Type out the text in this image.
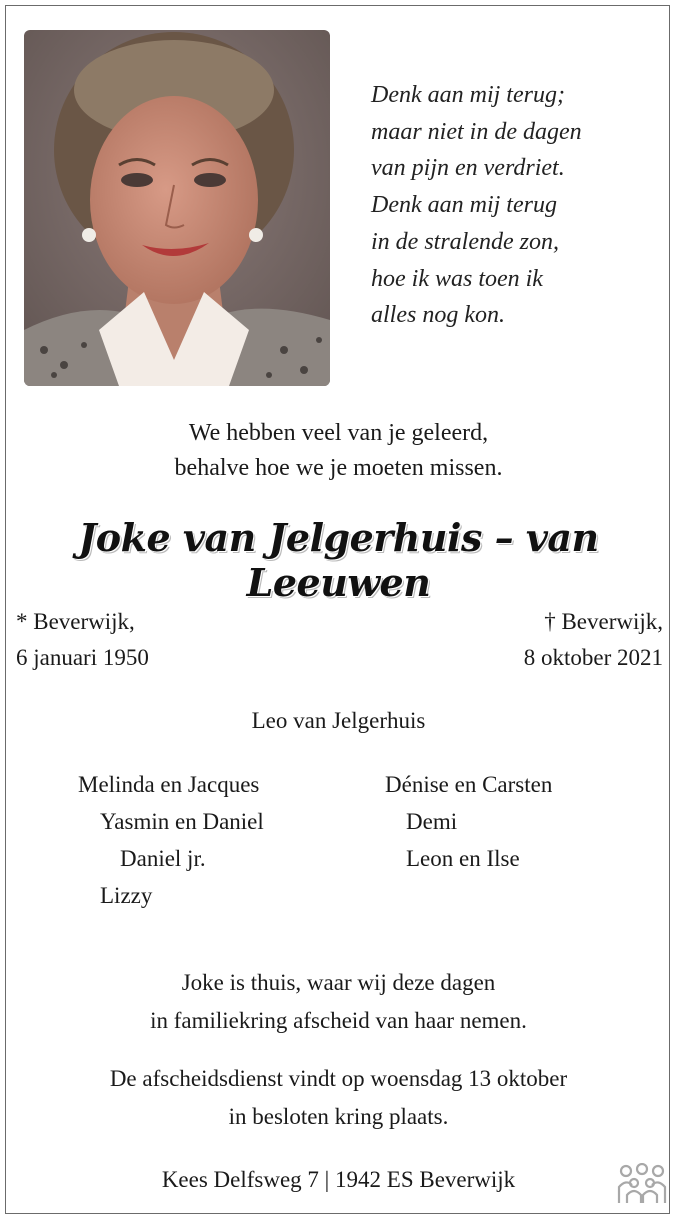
Denk aan mij terug;
maar niet in de dagen
van pijn en verdriet.
Denk aan mij terug
in de stralende zon,
hoe ik was toen ik
alles nog kon.
We hebben veel van je geleerd,
behalve hoe we je moeten missen.
Joke van Jelgerhuis – van Leeuwen
* Beverwijk,
6 januari 1950
† Beverwijk,
8 oktober 2021
Leo van Jelgerhuis
Melinda en Jacques
Yasmin en Daniel
Daniel jr.
Lizzy
Dénise en Carsten
Demi
Leon en Ilse
Joke is thuis, waar wij deze dagen
in familiekring afscheid van haar nemen.
De afscheidsdienst vindt op woensdag 13 oktober
in besloten kring plaats.
Kees Delfsweg 7 | 1942 ES Beverwijk
